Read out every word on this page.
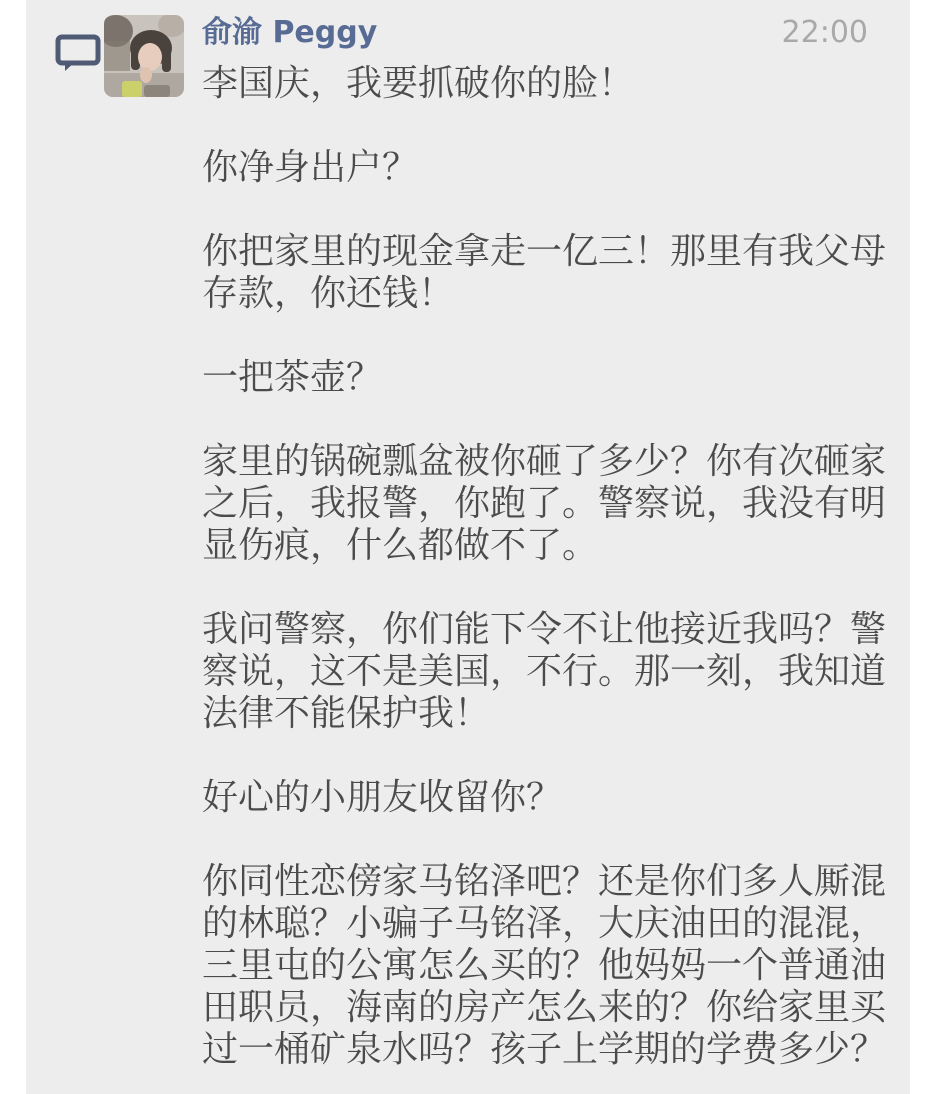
俞渝 Peggy	22:00

李国庆，我要抓破你的脸！

你净身出户？

你把家里的现金拿走一亿三！那里有我父母存款，你还钱！

一把茶壶？

家里的锅碗瓢盆被你砸了多少？你有次砸家之后，我报警，你跑了。警察说，我没有明显伤痕，什么都做不了。

我问警察，你们能下令不让他接近我吗？警察说，这不是美国，不行。那一刻，我知道法律不能保护我！

好心的小朋友收留你？

你同性恋傍家马铭泽吧？还是你们多人厮混的林聪？小骗子马铭泽，大庆油田的混混，三里屯的公寓怎么买的？他妈妈一个普通油田职员，海南的房产怎么来的？你给家里买过一桶矿泉水吗？孩子上学期的学费多少？
